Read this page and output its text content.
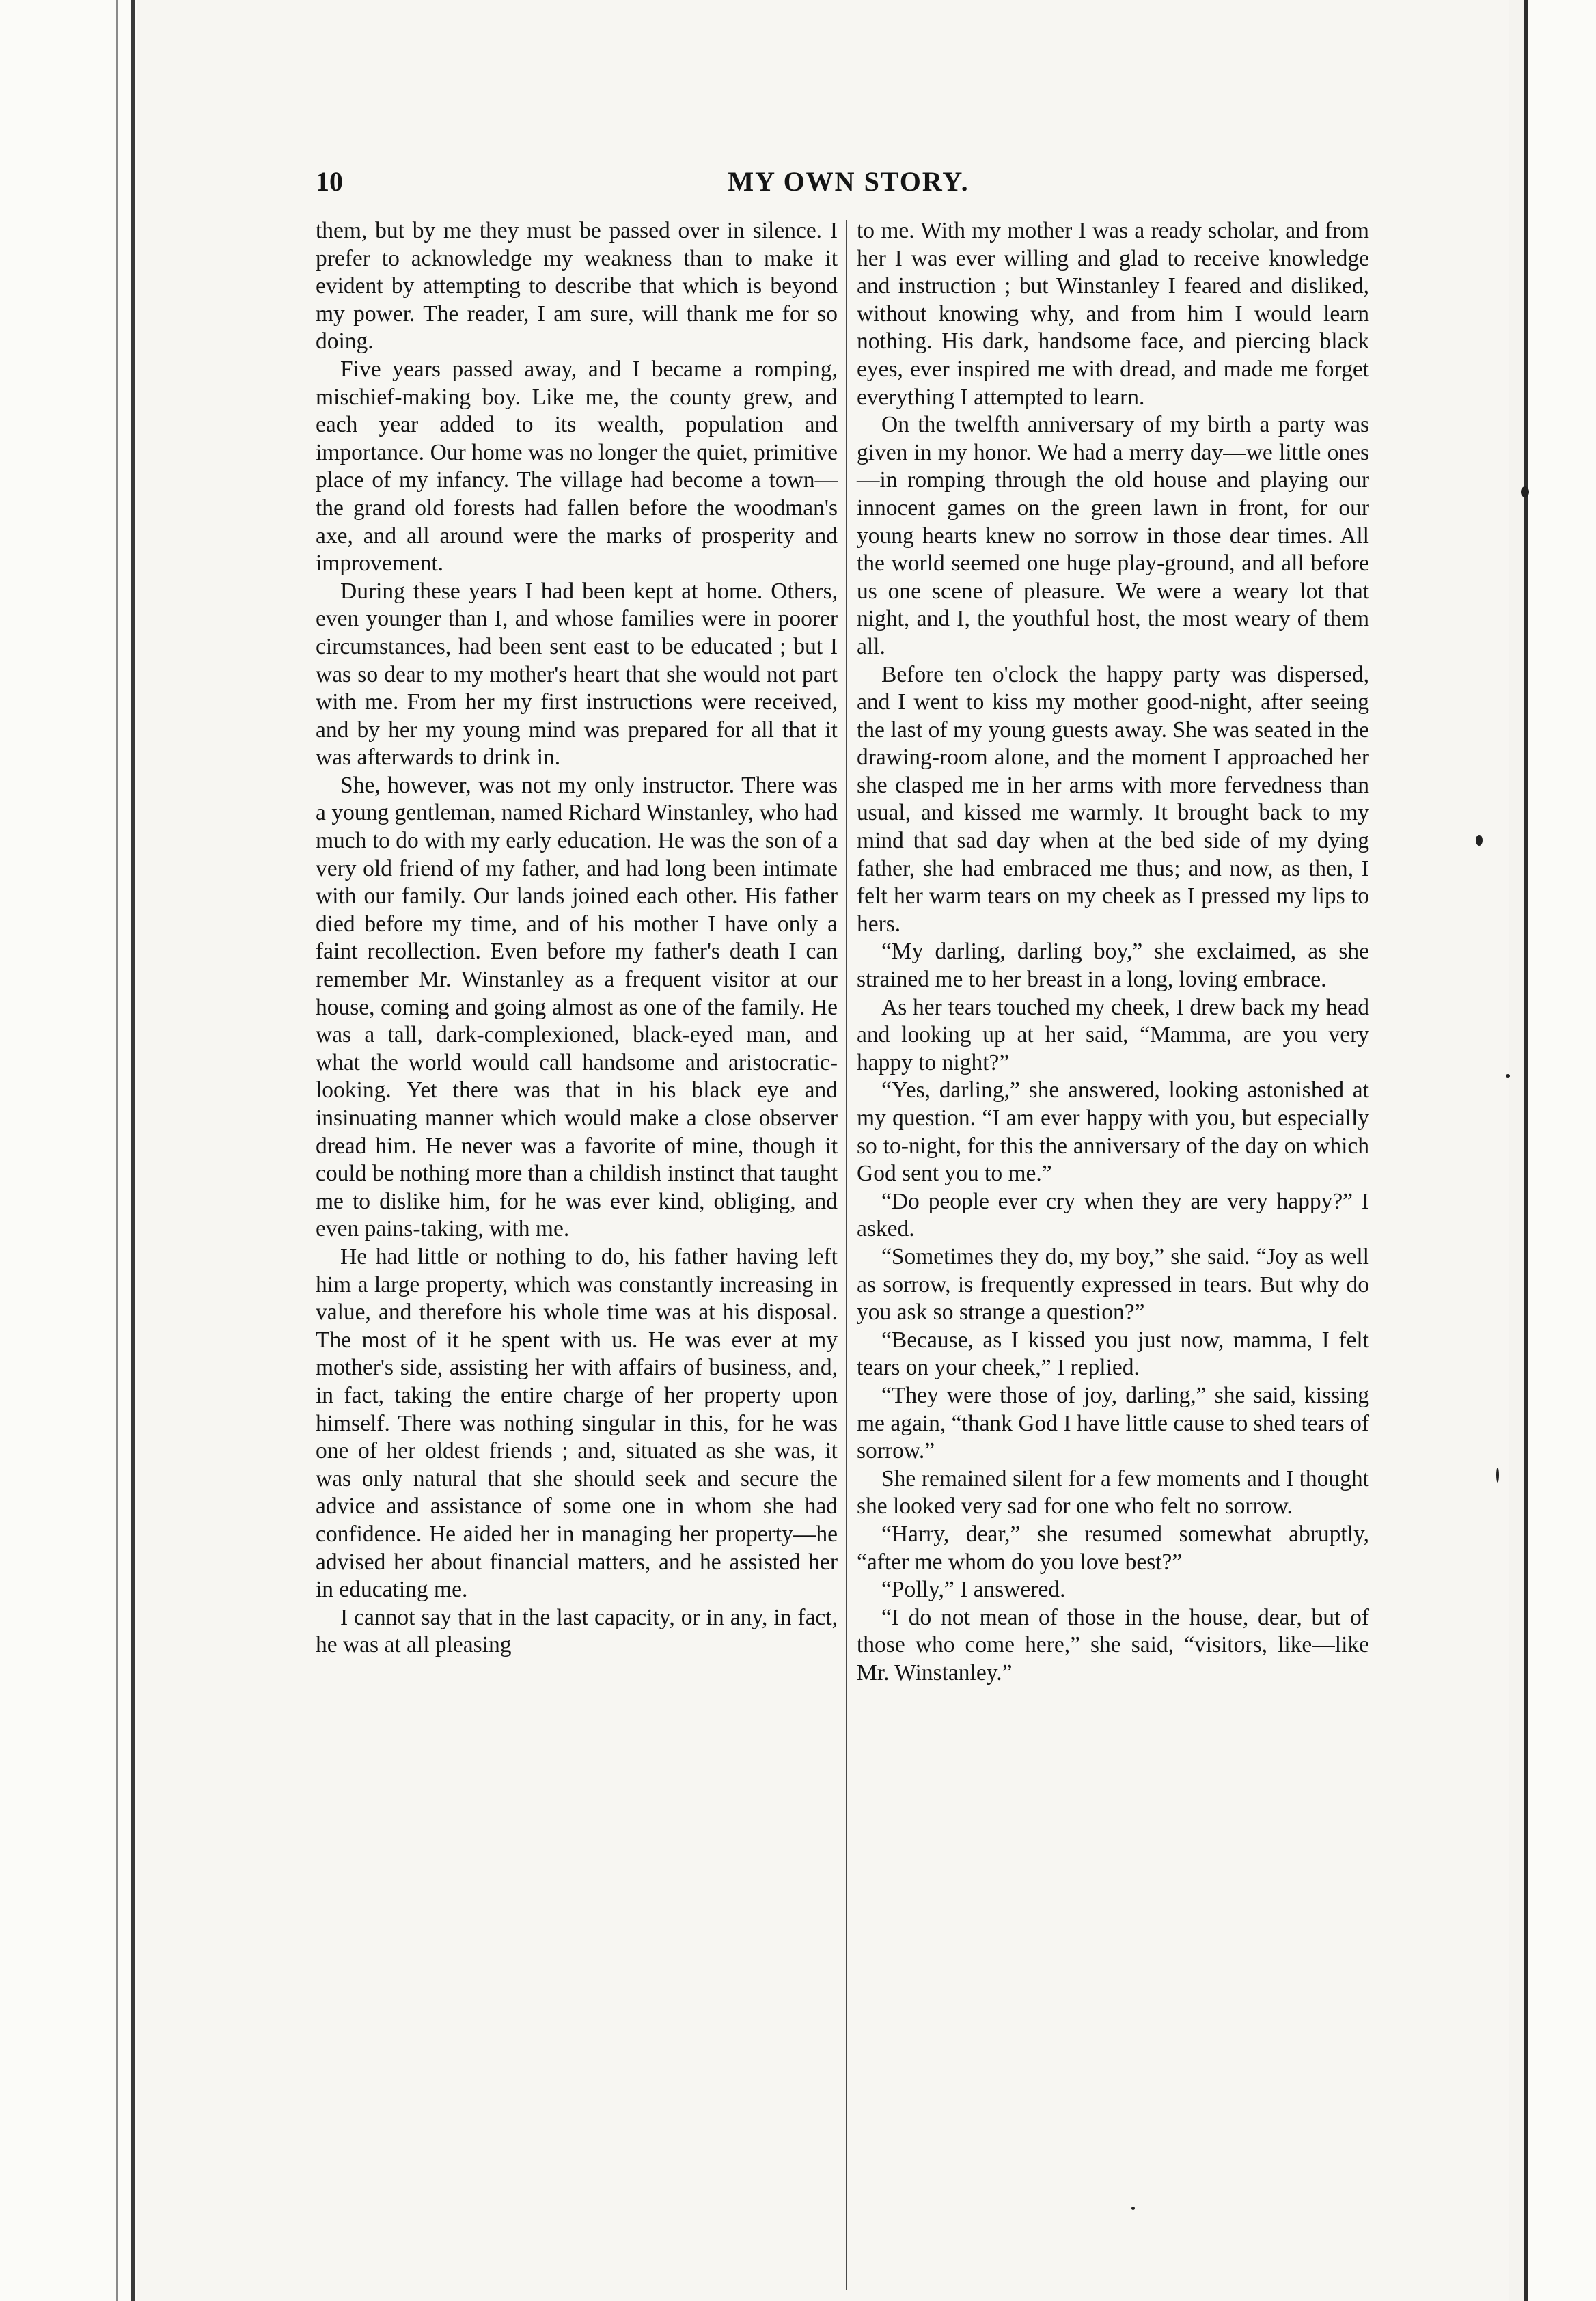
10	MY OWN STORY.

them, but by me they must be passed over in silence. I prefer to acknowledge my weakness than to make it evident by attempting to describe that which is beyond my power. The reader, I am sure, will thank me for so doing.

Five years passed away, and I became a romping, mischief-making boy. Like me, the county grew, and each year added to its wealth, population and importance. Our home was no longer the quiet, primitive place of my infancy. The village had become a town—the grand old forests had fallen before the woodman's axe, and all around were the marks of prosperity and improvement.

During these years I had been kept at home. Others, even younger than I, and whose families were in poorer circumstances, had been sent east to be educated ; but I was so dear to my mother's heart that she would not part with me. From her my first instructions were received, and by her my young mind was prepared for all that it was afterwards to drink in.

She, however, was not my only instructor. There was a young gentleman, named Richard Winstanley, who had much to do with my early education. He was the son of a very old friend of my father, and had long been intimate with our family. Our lands joined each other. His father died before my time, and of his mother I have only a faint recollection. Even before my father's death I can remember Mr. Winstanley as a frequent visitor at our house, coming and going almost as one of the family. He was a tall, dark-complexioned, black-eyed man, and what the world would call handsome and aristocratic-looking. Yet there was that in his black eye and insinuating manner which would make a close observer dread him. He never was a favorite of mine, though it could be nothing more than a childish instinct that taught me to dislike him, for he was ever kind, obliging, and even pains-taking, with me.

He had little or nothing to do, his father having left him a large property, which was constantly increasing in value, and therefore his whole time was at his disposal. The most of it he spent with us. He was ever at my mother's side, assisting her with affairs of business, and, in fact, taking the entire charge of her property upon himself. There was nothing singular in this, for he was one of her oldest friends ; and, situated as she was, it was only natural that she should seek and secure the advice and assistance of some one in whom she had confidence. He aided her in managing her property—he advised her about financial matters, and he assisted her in educating me.

I cannot say that in the last capacity, or in any, in fact, he was at all pleasing

to me. With my mother I was a ready scholar, and from her I was ever willing and glad to receive knowledge and instruction ; but Winstanley I feared and disliked, without knowing why, and from him I would learn nothing. His dark, handsome face, and piercing black eyes, ever inspired me with dread, and made me forget everything I attempted to learn.

On the twelfth anniversary of my birth a party was given in my honor. We had a merry day—we little ones—in romping through the old house and playing our innocent games on the green lawn in front, for our young hearts knew no sorrow in those dear times. All the world seemed one huge play-ground, and all before us one scene of pleasure. We were a weary lot that night, and I, the youthful host, the most weary of them all.

Before ten o'clock the happy party was dispersed, and I went to kiss my mother good-night, after seeing the last of my young guests away. She was seated in the drawing-room alone, and the moment I approached her she clasped me in her arms with more fervedness than usual, and kissed me warmly. It brought back to my mind that sad day when at the bed side of my dying father, she had embraced me thus; and now, as then, I felt her warm tears on my cheek as I pressed my lips to hers.

“My darling, darling boy,” she exclaimed, as she strained me to her breast in a long, loving embrace.

As her tears touched my cheek, I drew back my head and looking up at her said, “Mamma, are you very happy to night?”

“Yes, darling,” she answered, looking astonished at my question. “I am ever happy with you, but especially so to-night, for this the anniversary of the day on which God sent you to me.”

“Do people ever cry when they are very happy?” I asked.

“Sometimes they do, my boy,” she said. “Joy as well as sorrow, is frequently expressed in tears. But why do you ask so strange a question?”

“Because, as I kissed you just now, mamma, I felt tears on your cheek,” I replied.

“They were those of joy, darling,” she said, kissing me again, “thank God I have little cause to shed tears of sorrow.”

She remained silent for a few moments and I thought she looked very sad for one who felt no sorrow.

“Harry, dear,” she resumed somewhat abruptly, “after me whom do you love best?”

“Polly,” I answered.

“I do not mean of those in the house, dear, but of those who come here,” she said, “visitors, like—like Mr. Winstanley.”
